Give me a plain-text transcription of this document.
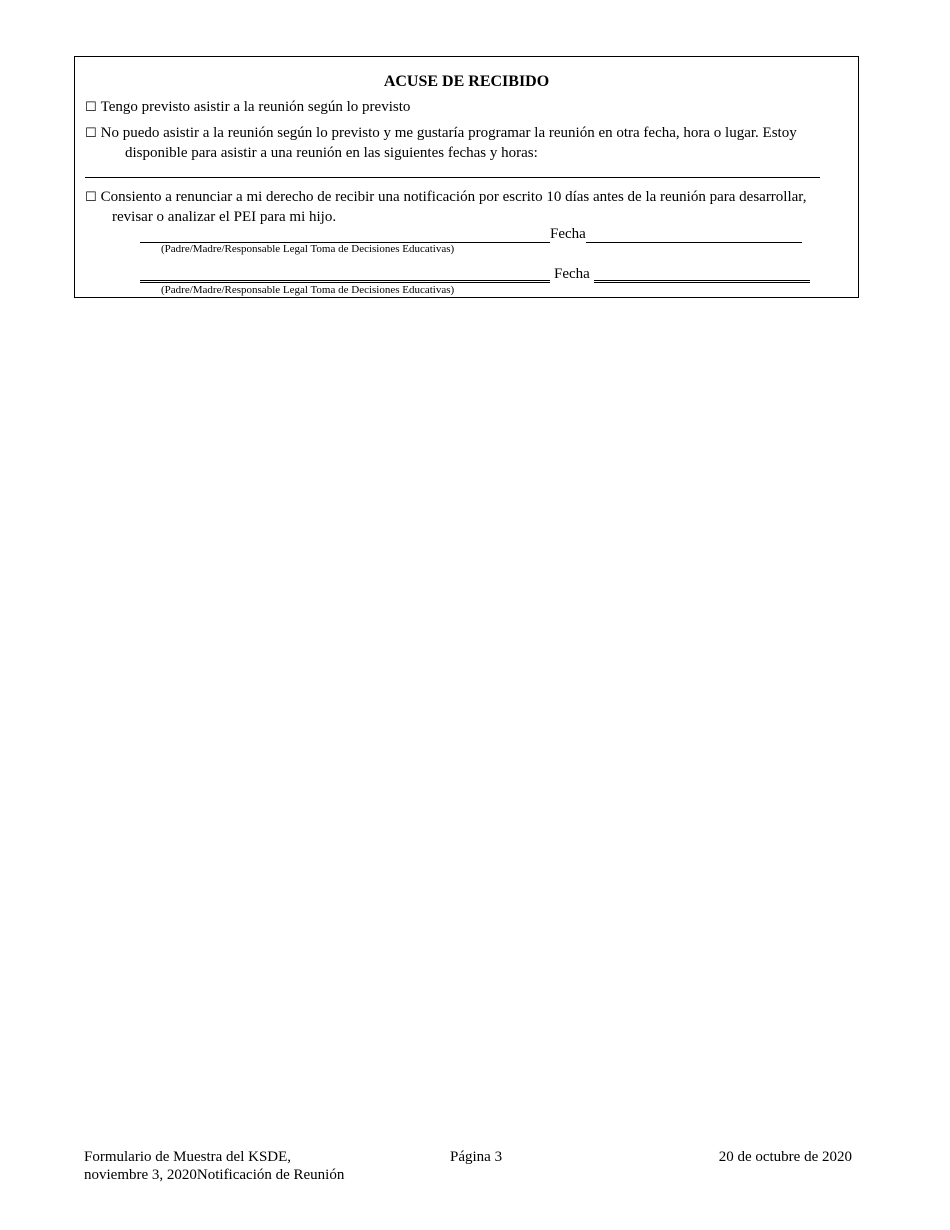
ACUSE DE RECIBIDO
☐ Tengo previsto asistir a la reunión según lo previsto
☐ No puedo asistir a la reunión según lo previsto y me gustaría programar la reunión en otra fecha, hora o lugar. Estoy
disponible para asistir a una reunión en las siguientes fechas y horas:
☐ Consiento a renunciar a mi derecho de recibir una notificación por escrito 10 días antes de la reunión para desarrollar,
revisar o analizar el PEI para mi hijo.
Fecha
(Padre/Madre/Responsable Legal Toma de Decisiones Educativas)
Fecha
(Padre/Madre/Responsable Legal Toma de Decisiones Educativas)
Formulario de Muestra del KSDE,
noviembre 3, 2020Notificación de Reunión
Página 3	20 de octubre de 2020
